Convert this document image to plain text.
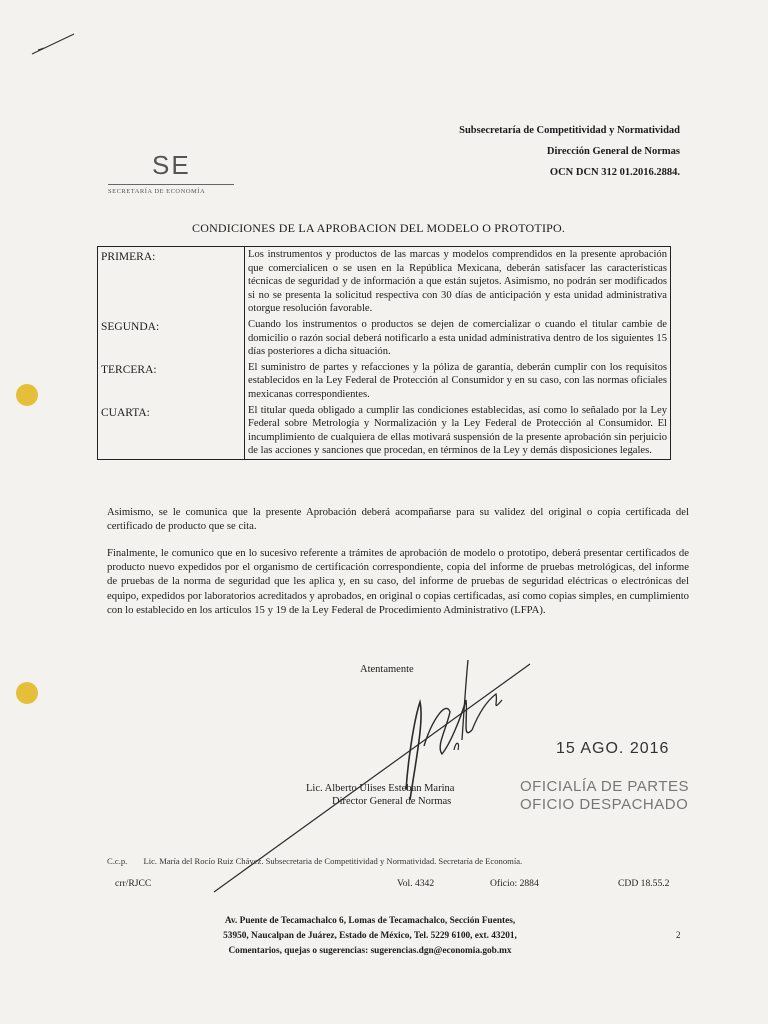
Subsecretaría de Competitividad y Normatividad
Dirección General de Normas
OCN DCN 312 01.2016.2884.
SE
SECRETARÍA DE ECONOMÍA
CONDICIONES DE LA APROBACION DEL MODELO O PROTOTIPO.
PRIMERA:	Los instrumentos y productos de las marcas y modelos comprendidos en la presente aprobación que comercialicen o se usen en la República Mexicana, deberán satisfacer las características técnicas de seguridad y de información a que están sujetos. Asimismo, no podrán ser modificados si no se presenta la solicitud respectiva con 30 días de anticipación y esta unidad administrativa otorgue resolución favorable.
SEGUNDA:	Cuando los instrumentos o productos se dejen de comercializar o cuando el titular cambie de domicilio o razón social deberá notificarlo a esta unidad administrativa dentro de los siguientes 15 días posteriores a dicha situación.
TERCERA:	El suministro de partes y refacciones y la póliza de garantía, deberán cumplir con los requisitos establecidos en la Ley Federal de Protección al Consumidor y en su caso, con las normas oficiales mexicanas correspondientes.
CUARTA:	El titular queda obligado a cumplir las condiciones establecidas, así como lo señalado por la Ley Federal sobre Metrología y Normalización y la Ley Federal de Protección al Consumidor. El incumplimiento de cualquiera de ellas motivará suspensión de la presente aprobación sin perjuicio de las acciones y sanciones que procedan, en términos de la Ley y demás disposiciones legales.
Asimismo, se le comunica que la presente Aprobación deberá acompañarse para su validez del original o copia certificada del certificado de producto que se cita.
Finalmente, le comunico que en lo sucesivo referente a trámites de aprobación de modelo o prototipo, deberá presentar certificados de producto nuevo expedidos por el organismo de certificación correspondiente, copia del informe de pruebas metrológicas, del informe de pruebas de la norma de seguridad que les aplica y, en su caso, del informe de pruebas de seguridad eléctricas o electrónicas del equipo, expedidos por laboratorios acreditados y aprobados, en original o copias certificadas, así como copias simples, en cumplimiento con lo establecido en los artículos 15 y 19 de la Ley Federal de Procedimiento Administrativo (LFPA).
Atentamente
15 AGO. 2016
OFICIALÍA DE PARTES
OFICIO DESPACHADO
Lic. Alberto Ulises Esteban Marina
Director General de Normas
C.c.p. Lic. María del Rocío Ruiz Chávez. Subsecretaria de Competitividad y Normatividad. Secretaría de Economía.
crr/RJCC	Vol. 4342	Oficio: 2884	CDD 18.55.2
Av. Puente de Tecamachalco 6, Lomas de Tecamachalco, Sección Fuentes,
53950, Naucalpan de Juárez, Estado de México, Tel. 5229 6100, ext. 43201,
Comentarios, quejas o sugerencias: sugerencias.dgn@economia.gob.mx
2
